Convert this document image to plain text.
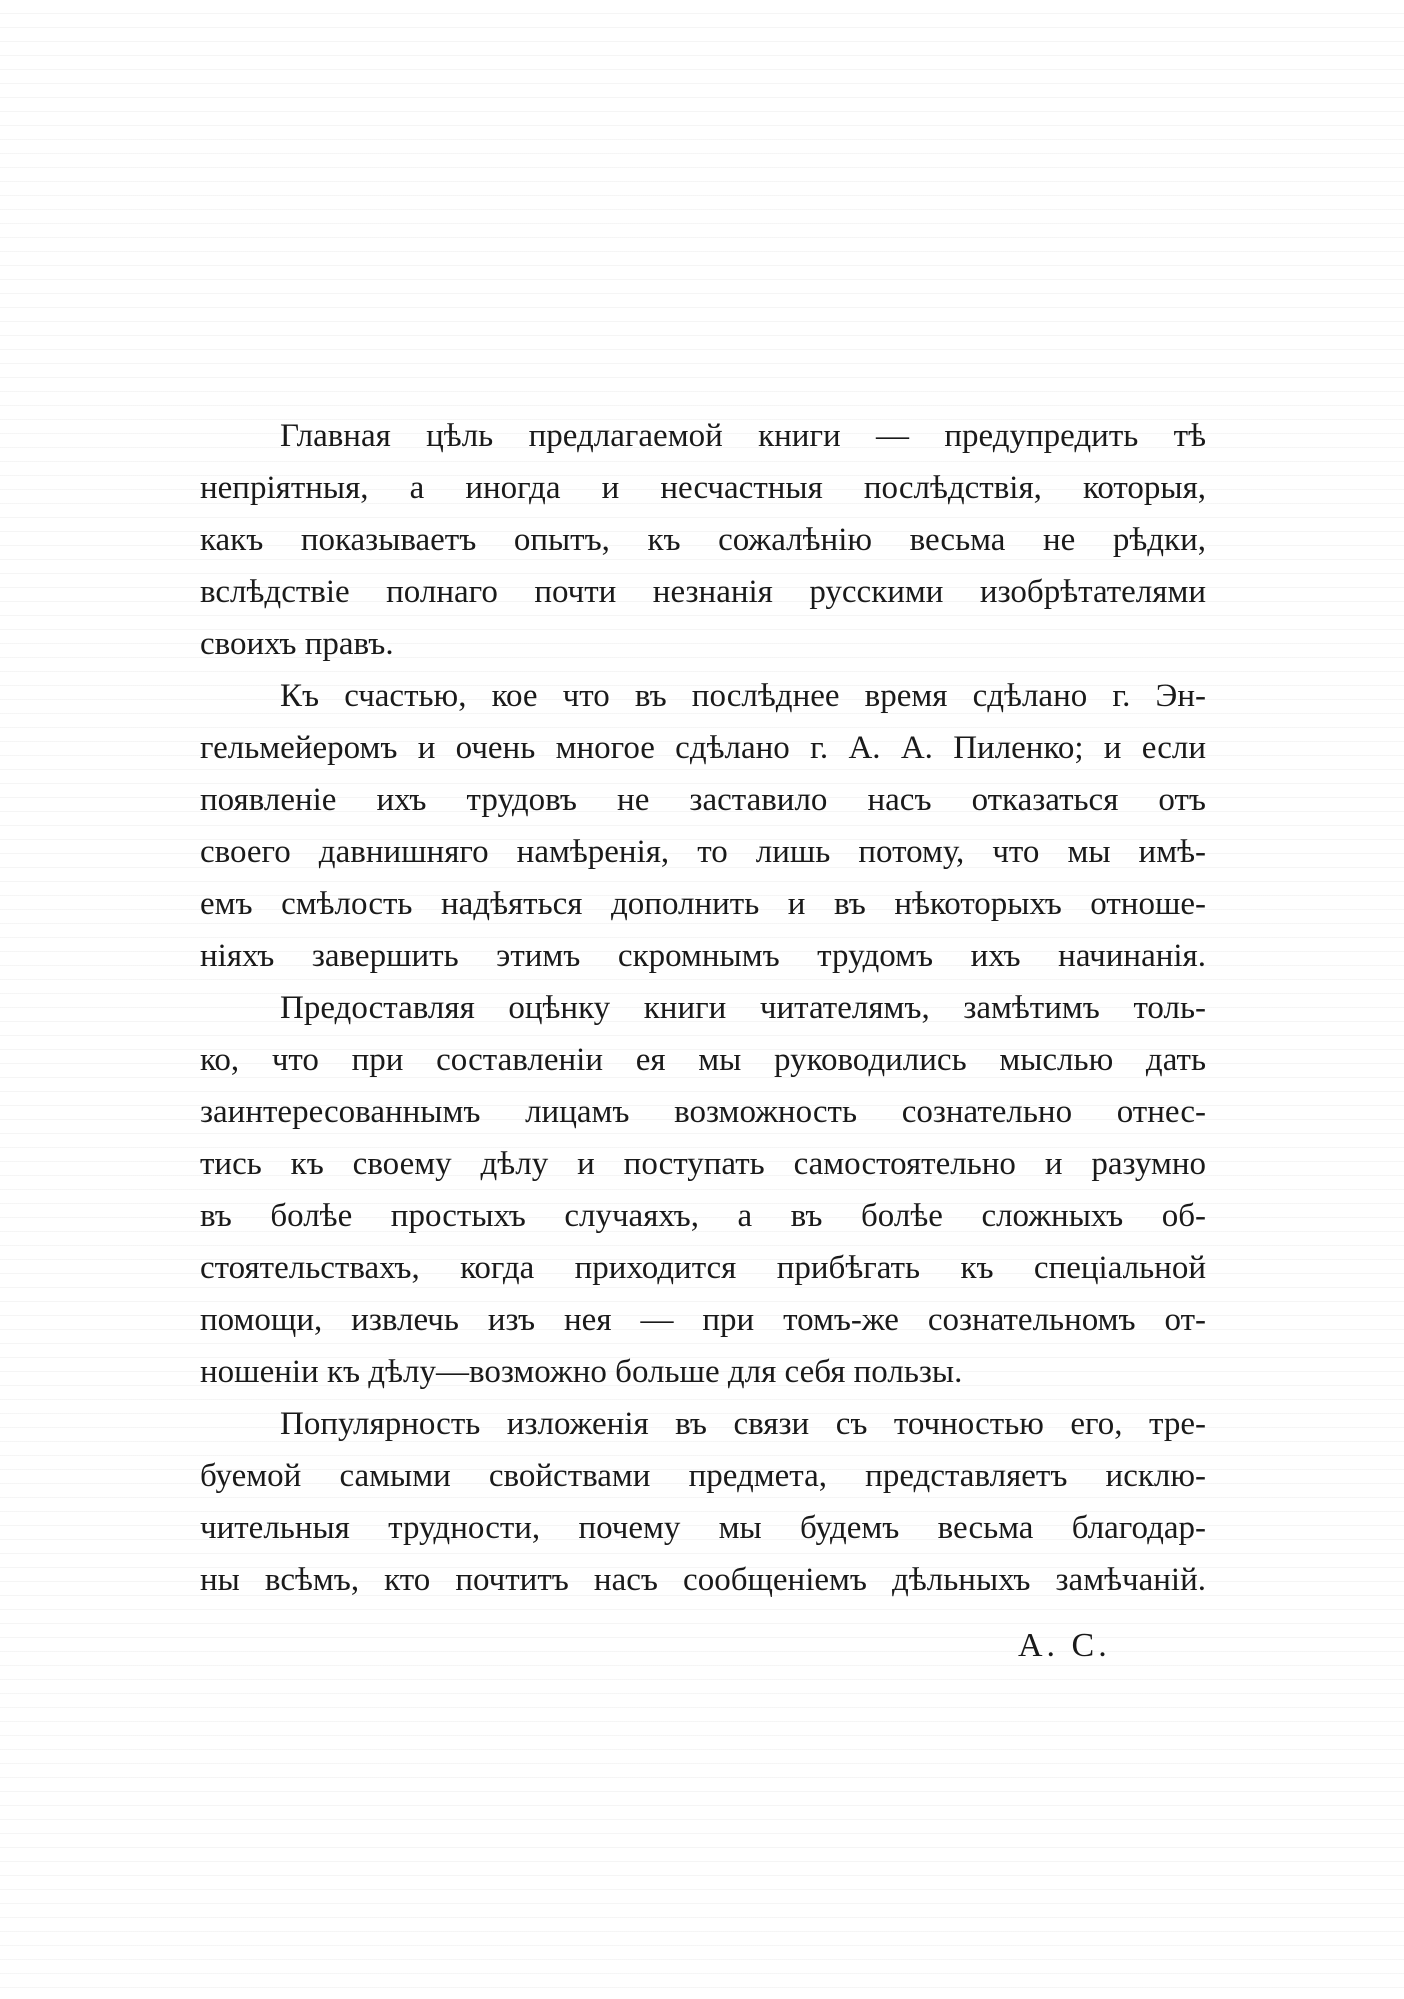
Главная цѣль предлагаемой книги — предупредить тѣ
непріятныя, а иногда и несчастныя послѣдствія, которыя,
какъ показываетъ опытъ, къ сожалѣнію весьма не рѣдки,
вслѣдствіе полнаго почти незнанія русскими изобрѣтателями
своихъ правъ.
Къ счастью, кое что въ послѣднее время сдѣлано г. Эн-
гельмейеромъ и очень многое сдѣлано г. А. А. Пиленко; и если
появленіе ихъ трудовъ не заставило насъ отказаться отъ
своего давнишняго намѣренія, то лишь потому, что мы имѣ-
емъ смѣлость надѣяться дополнить и въ нѣкоторыхъ отноше-
ніяхъ завершить этимъ скромнымъ трудомъ ихъ начинанія.
Предоставляя оцѣнку книги читателямъ, замѣтимъ толь-
ко, что при составленіи ея мы руководились мыслью дать
заинтересованнымъ лицамъ возможность сознательно отнес-
тись къ своему дѣлу и поступать самостоятельно и разумно
въ болѣе простыхъ случаяхъ, а въ болѣе сложныхъ об-
стоятельствахъ, когда приходится прибѣгать къ спеціальной
помощи, извлечь изъ нея — при томъ-же сознательномъ от-
ношеніи къ дѣлу—возможно больше для себя пользы.
Популярность изложенія въ связи съ точностью его, тре-
буемой самыми свойствами предмета, представляетъ исклю-
чительныя трудности, почему мы будемъ весьма благодар-
ны всѣмъ, кто почтитъ насъ сообщеніемъ дѣльныхъ замѣчаній.
А. С.
